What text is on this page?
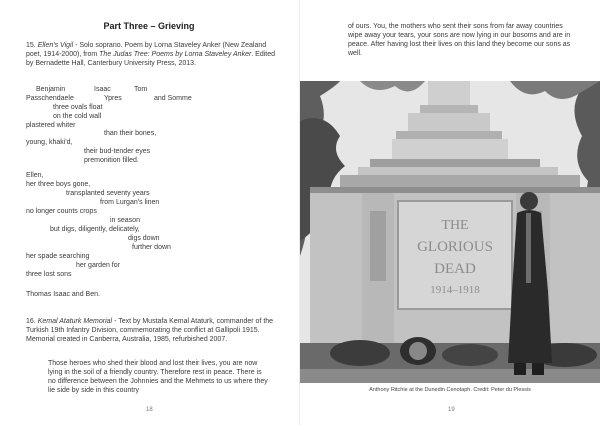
Part Three – Grieving

15. Ellen's Vigil - Solo soprano. Poem by Lorna Staveley Anker (New Zealand poet, 1914-2000), from The Judas Tree: Poems by Lorna Staveley Anker. Edited by Bernadette Hall, Canterbury University Press, 2013.

Benjamin	Isaac	Tom
Passchendaele	Ypres	and Somme
three ovals float
on the cold wall
plastered whiter
than their bones,
young, khaki'd,
their bud-tender eyes
premonition filled.
Ellen,
her three boys gone,
transplanted seventy years
from Lurgan's linen
no longer counts crops
in season
but digs, diligently, delicately,
digs down
further down
her spade searching
her garden for
three lost sons

Thomas Isaac and Ben.

16. Kemal Ataturk Memorial - Text by Mustafa Kemal Ataturk, commander of the Turkish 19th Infantry Division, commemorating the conflict at Gallipoli 1915. Memorial created in Canberra, Australia, 1985, refurbished 2007.

Those heroes who shed their blood and lost their lives, you are now lying in the soil of a friendly country. Therefore rest in peace. There is no difference between the Johnnies and the Mehmets to us where they lie side by side in this country

18

of ours. You, the mothers who sent their sons from far away countries wipe away your tears, your sons are now lying in our bosoms and are in peace. After having lost their lives on this land they become our sons as well.

THE
GLORIOUS
DEAD
1914–1918
Anthony Ritchie at the Dunedin Cenotaph. Credit: Peter du Plessis
19
